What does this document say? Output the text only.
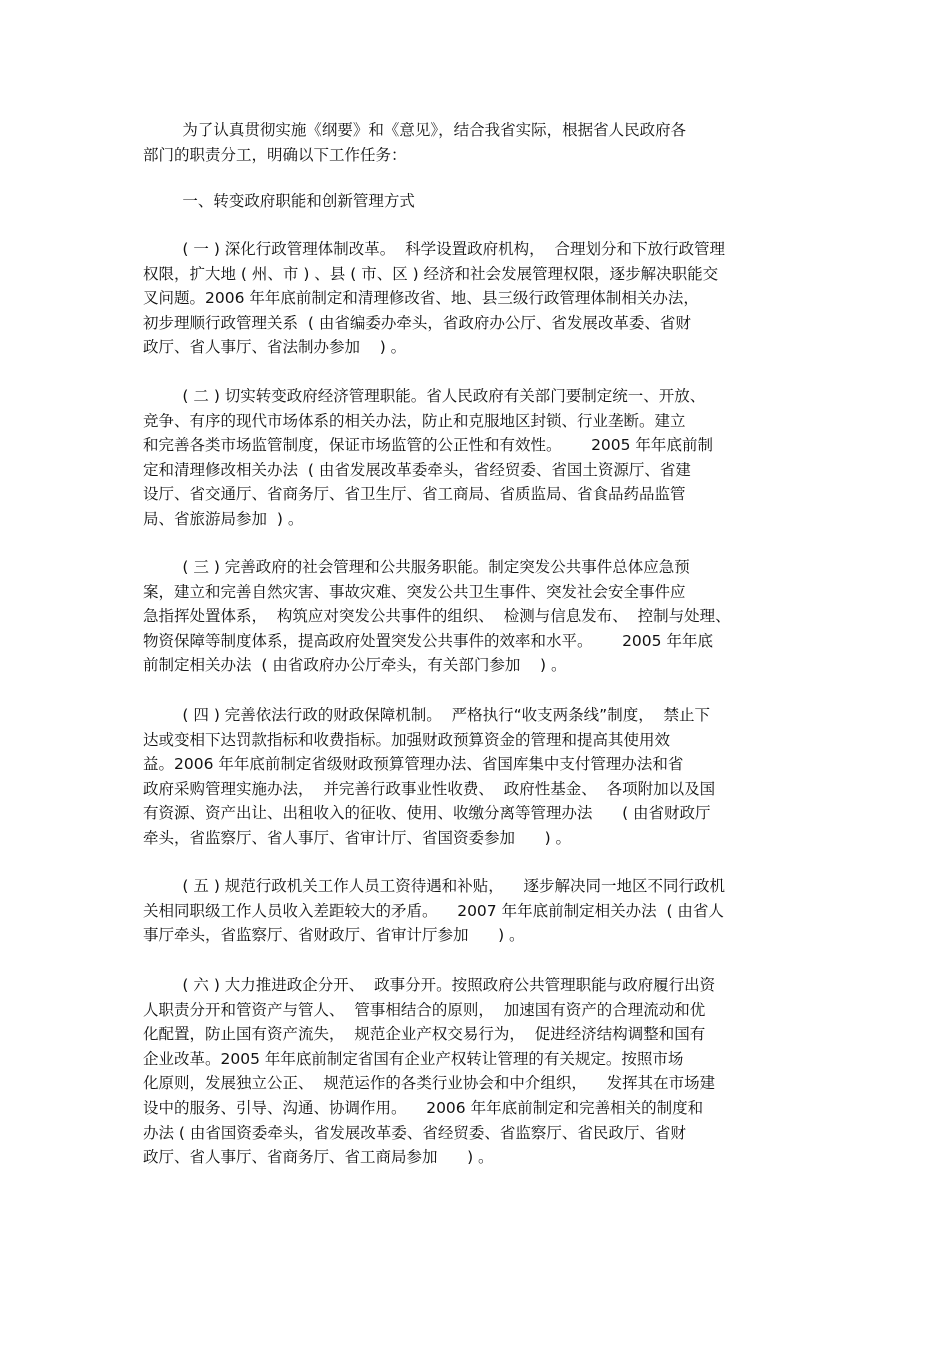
为了认真贯彻实施《纲要》和《意见》，结合我省实际，根据省人民政府各
部门的职责分工，明确以下工作任务：
一、转变政府职能和创新管理方式
( 一 ) 深化行政管理体制改革。  科学设置政府机构，  合理划分和下放行政管理
权限，扩大地 ( 州、市 ) 、县 ( 市、区 ) 经济和社会发展管理权限，逐步解决职能交
叉问题。2006 年年底前制定和清理修改省、地、县三级行政管理体制相关办法，
初步理顺行政管理关系  ( 由省编委办牵头，省政府办公厅、省发展改革委、省财
政厅、省人事厅、省法制办参加    ) 。
( 二 ) 切实转变政府经济管理职能。省人民政府有关部门要制定统一、开放、
竞争、有序的现代市场体系的相关办法，防止和克服地区封锁、行业垄断。建立
和完善各类市场监管制度，保证市场监管的公正性和有效性。      2005 年年底前制
定和清理修改相关办法  ( 由省发展改革委牵头，省经贸委、省国土资源厅、省建
设厅、省交通厅、省商务厅、省卫生厅、省工商局、省质监局、省食品药品监管
局、省旅游局参加  ) 。
( 三 ) 完善政府的社会管理和公共服务职能。制定突发公共事件总体应急预
案，建立和完善自然灾害、事故灾难、突发公共卫生事件、突发社会安全事件应
急指挥处置体系，  构筑应对突发公共事件的组织、  检测与信息发布、  控制与处理、
物资保障等制度体系，提高政府处置突发公共事件的效率和水平。      2005 年年底
前制定相关办法  ( 由省政府办公厅牵头，有关部门参加    ) 。
( 四 ) 完善依法行政的财政保障机制。  严格执行“收支两条线”制度，  禁止下
达或变相下达罚款指标和收费指标。加强财政预算资金的管理和提高其使用效
益。2006 年年底前制定省级财政预算管理办法、省国库集中支付管理办法和省
政府采购管理实施办法，  并完善行政事业性收费、  政府性基金、  各项附加以及国
有资源、资产出让、出租收入的征收、使用、收缴分离等管理办法      ( 由省财政厅
牵头，省监察厅、省人事厅、省审计厅、省国资委参加      ) 。
( 五 ) 规范行政机关工作人员工资待遇和补贴，    逐步解决同一地区不同行政机
关相同职级工作人员收入差距较大的矛盾。    2007 年年底前制定相关办法  ( 由省人
事厅牵头，省监察厅、省财政厅、省审计厅参加      ) 。
( 六 ) 大力推进政企分开、  政事分开。按照政府公共管理职能与政府履行出资
人职责分开和管资产与管人、  管事相结合的原则，  加速国有资产的合理流动和优
化配置，防止国有资产流失，  规范企业产权交易行为，  促进经济结构调整和国有
企业改革。2005 年年底前制定省国有企业产权转让管理的有关规定。按照市场
化原则，发展独立公正、  规范运作的各类行业协会和中介组织，    发挥其在市场建
设中的服务、引导、沟通、协调作用。    2006 年年底前制定和完善相关的制度和
办法 ( 由省国资委牵头，省发展改革委、省经贸委、省监察厅、省民政厅、省财
政厅、省人事厅、省商务厅、省工商局参加      ) 。
